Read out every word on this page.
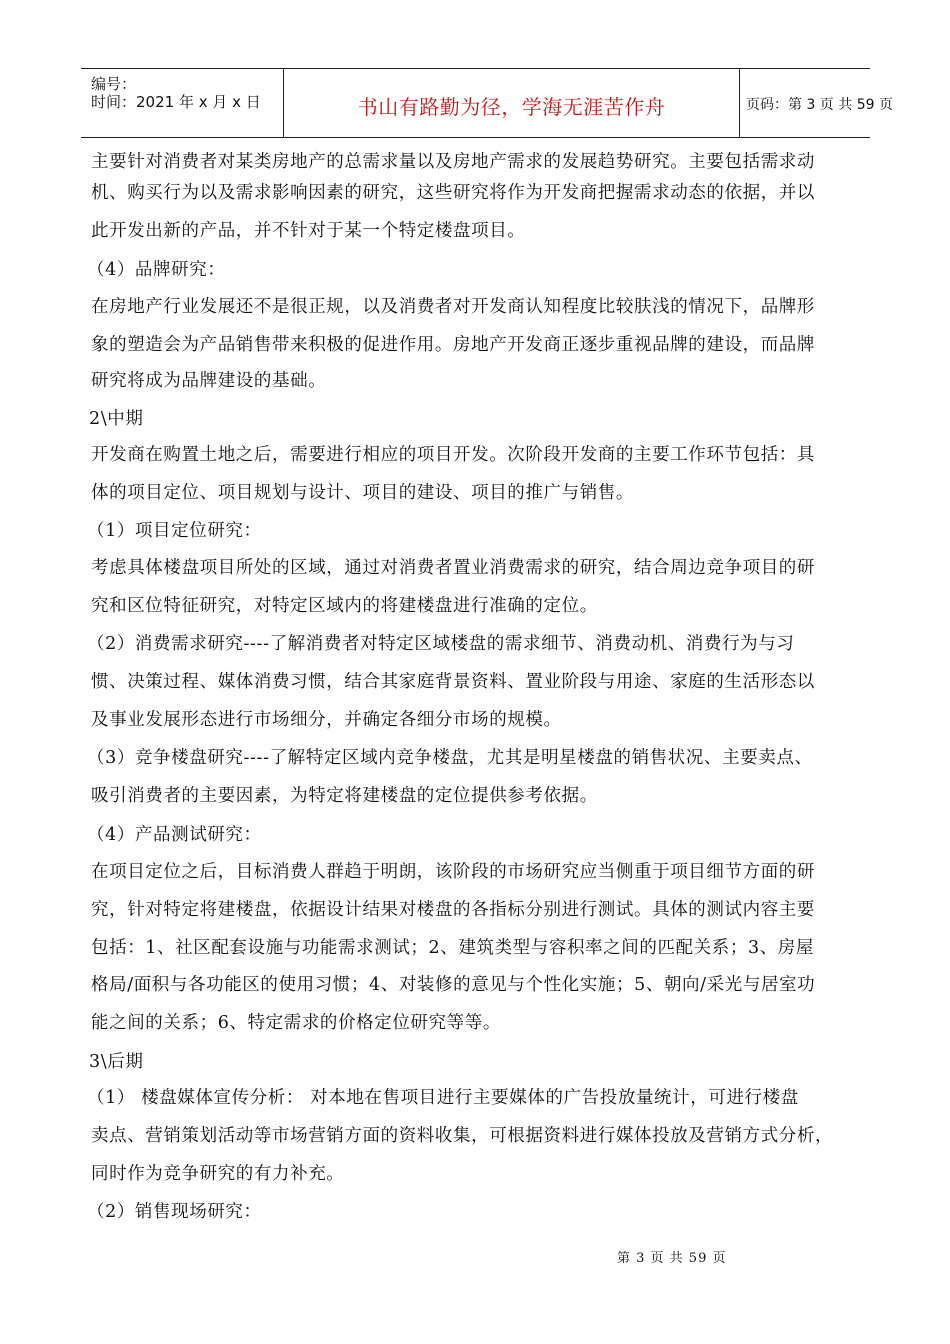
编号：
时间：2021 年 x 月 x 日	书山有路勤为径，学海无涯苦作舟	页码：第 3 页 共 59 页
主要针对消费者对某类房地产的总需求量以及房地产需求的发展趋势研究。主要包括需求动
机、购买行为以及需求影响因素的研究，这些研究将作为开发商把握需求动态的依据，并以
此开发出新的产品，并不针对于某一个特定楼盘项目。
（4）品牌研究：
在房地产行业发展还不是很正规，以及消费者对开发商认知程度比较肤浅的情况下，品牌形
象的塑造会为产品销售带来积极的促进作用。房地产开发商正逐步重视品牌的建设，而品牌
研究将成为品牌建设的基础。
2\中期
开发商在购置土地之后，需要进行相应的项目开发。次阶段开发商的主要工作环节包括：具
体的项目定位、项目规划与设计、项目的建设、项目的推广与销售。
（1）项目定位研究：
考虑具体楼盘项目所处的区域，通过对消费者置业消费需求的研究，结合周边竞争项目的研
究和区位特征研究，对特定区域内的将建楼盘进行准确的定位。
（2）消费需求研究----了解消费者对特定区域楼盘的需求细节、消费动机、消费行为与习
惯、决策过程、媒体消费习惯，结合其家庭背景资料、置业阶段与用途、家庭的生活形态以
及事业发展形态进行市场细分，并确定各细分市场的规模。
（3）竞争楼盘研究----了解特定区域内竞争楼盘，尤其是明星楼盘的销售状况、主要卖点、
吸引消费者的主要因素，为特定将建楼盘的定位提供参考依据。
（4）产品测试研究：
在项目定位之后，目标消费人群趋于明朗，该阶段的市场研究应当侧重于项目细节方面的研
究，针对特定将建楼盘，依据设计结果对楼盘的各指标分别进行测试。具体的测试内容主要
包括：1、社区配套设施与功能需求测试；2、建筑类型与容积率之间的匹配关系；3、房屋
格局/面积与各功能区的使用习惯；4、对装修的意见与个性化实施；5、朝向/采光与居室功
能之间的关系；6、特定需求的价格定位研究等等。
3\后期
（1） 楼盘媒体宣传分析： 对本地在售项目进行主要媒体的广告投放量统计，可进行楼盘
卖点、营销策划活动等市场营销方面的资料收集，可根据资料进行媒体投放及营销方式分析，
同时作为竞争研究的有力补充。
（2）销售现场研究：
第 3 页 共 59 页
